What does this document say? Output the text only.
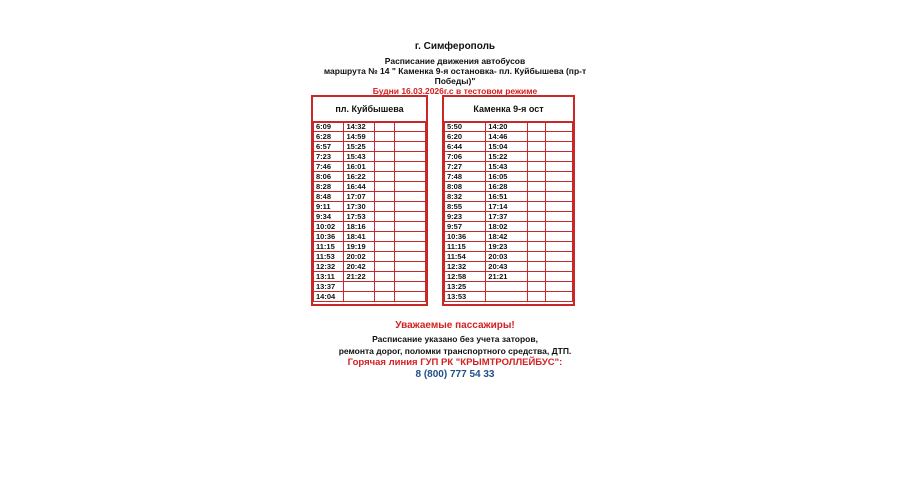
г. Симферополь
Расписание движения автобусов
маршрута № 14 " Каменка 9-я остановка- пл. Куйбышева (пр-т
Победы)"
Будни 16.03.2026г.с в тестовом режиме
пл. Куйбышева
6:09	14:32		
6:28	14:59		
6:57	15:25		
7:23	15:43		
7:46	16:01		
8:06	16:22		
8:28	16:44		
8:48	17:07		
9:11	17:30		
9:34	17:53		
10:02	18:16		
10:36	18:41		
11:15	19:19		
11:53	20:02		
12:32	20:42		
13:11	21:22		
13:37			
14:04			
Каменка 9-я ост
5:50	14:20		
6:20	14:46		
6:44	15:04		
7:06	15:22		
7:27	15:43		
7:48	16:05		
8:08	16:28		
8:32	16:51		
8:55	17:14		
9:23	17:37		
9:57	18:02		
10:36	18:42		
11:15	19:23		
11:54	20:03		
12:32	20:43		
12:58	21:21		
13:25			
13:53			
Уважаемые пассажиры!
Расписание указано без учета заторов,
ремонта дорог, поломки транспортного средства, ДТП.
Горячая линия ГУП РК "КРЫМТРОЛЛЕЙБУС":
8 (800) 777 54 33
